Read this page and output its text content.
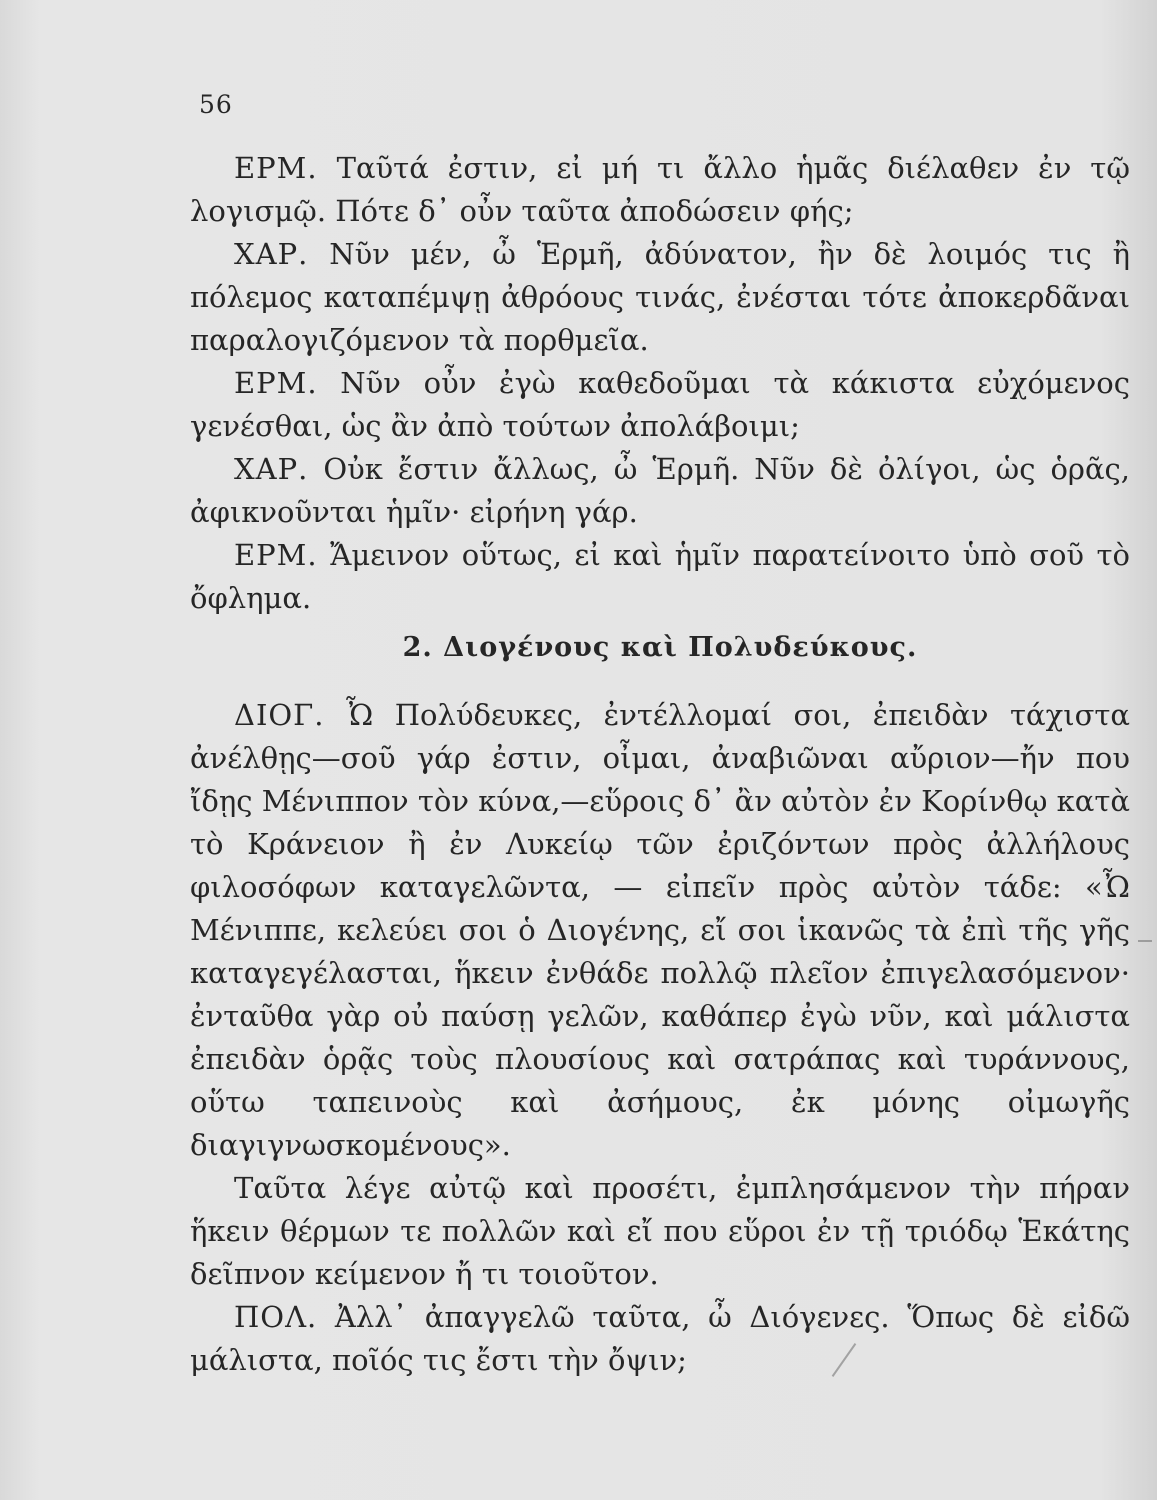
56

ΕΡΜ. Ταῦτά ἐστιν, εἰ μή τι ἄλλο ἡμᾶς διέλαθεν ἐν τῷ λογισμῷ. Πότε δ᾽ οὖν ταῦτα ἀποδώσειν φής;

ΧΑΡ. Νῦν μέν, ὦ Ἑρμῆ, ἀδύνατον, ἢν δὲ λοιμός τις ἢ πόλεμος καταπέμψῃ ἀθρόους τινάς, ἐνέσται τότε ἀποκερδᾶναι παραλογιζόμενον τὰ πορθμεῖα.

ΕΡΜ. Νῦν οὖν ἐγὼ καθεδοῦμαι τὰ κάκιστα εὐχόμενος γενέσθαι, ὡς ἂν ἀπὸ τούτων ἀπολάβοιμι;

ΧΑΡ. Οὐκ ἔστιν ἄλλως, ὦ Ἑρμῆ. Νῦν δὲ ὀλίγοι, ὡς ὁρᾶς, ἀφικνοῦνται ἡμῖν· εἰρήνη γάρ.

ΕΡΜ. Ἄμεινον οὕτως, εἰ καὶ ἡμῖν παρατείνοιτο ὑπὸ σοῦ τὸ ὄφλημα.

2. Διογένους καὶ Πολυδεύκους.

ΔΙΟΓ. Ὦ Πολύδευκες, ἐντέλλομαί σοι, ἐπειδὰν τάχιστα ἀνέλθῃς—σοῦ γάρ ἐστιν, οἶμαι, ἀναβιῶναι αὔριον—ἤν που ἴδῃς Μένιππον τὸν κύνα,—εὕροις δ᾽ ἂν αὐτὸν ἐν Κορίνθῳ κατὰ τὸ Κράνειον ἢ ἐν Λυκείῳ τῶν ἐριζόντων πρὸς ἀλλήλους φιλοσόφων καταγελῶντα, — εἰπεῖν πρὸς αὐτὸν τάδε: «Ὦ Μένιππε, κελεύει σοι ὁ Διογένης, εἴ σοι ἱκανῶς τὰ ἐπὶ τῆς γῆς καταγεγέλασται, ἥκειν ἐνθάδε πολλῷ πλεῖον ἐπιγελασόμενον· ἐνταῦθα γὰρ οὐ παύσῃ γελῶν, καθάπερ ἐγὼ νῦν, καὶ μάλιστα ἐπειδὰν ὁρᾷς τοὺς πλουσίους καὶ σατράπας καὶ τυράννους, οὕτω ταπεινοὺς καὶ ἀσήμους, ἐκ μόνης οἰμωγῆς διαγιγνωσκομένους».

Ταῦτα λέγε αὐτῷ καὶ προσέτι, ἐμπλησάμενον τὴν πήραν ἥκειν θέρμων τε πολλῶν καὶ εἴ που εὕροι ἐν τῇ τριόδῳ Ἑκάτης δεῖπνον κείμενον ἤ τι τοιοῦτον.

ΠΟΛ. Ἀλλ᾽ ἀπαγγελῶ ταῦτα, ὦ Διόγενες. Ὅπως δὲ εἰδῶ μάλιστα, ποῖός τις ἔστι τὴν ὄψιν;
